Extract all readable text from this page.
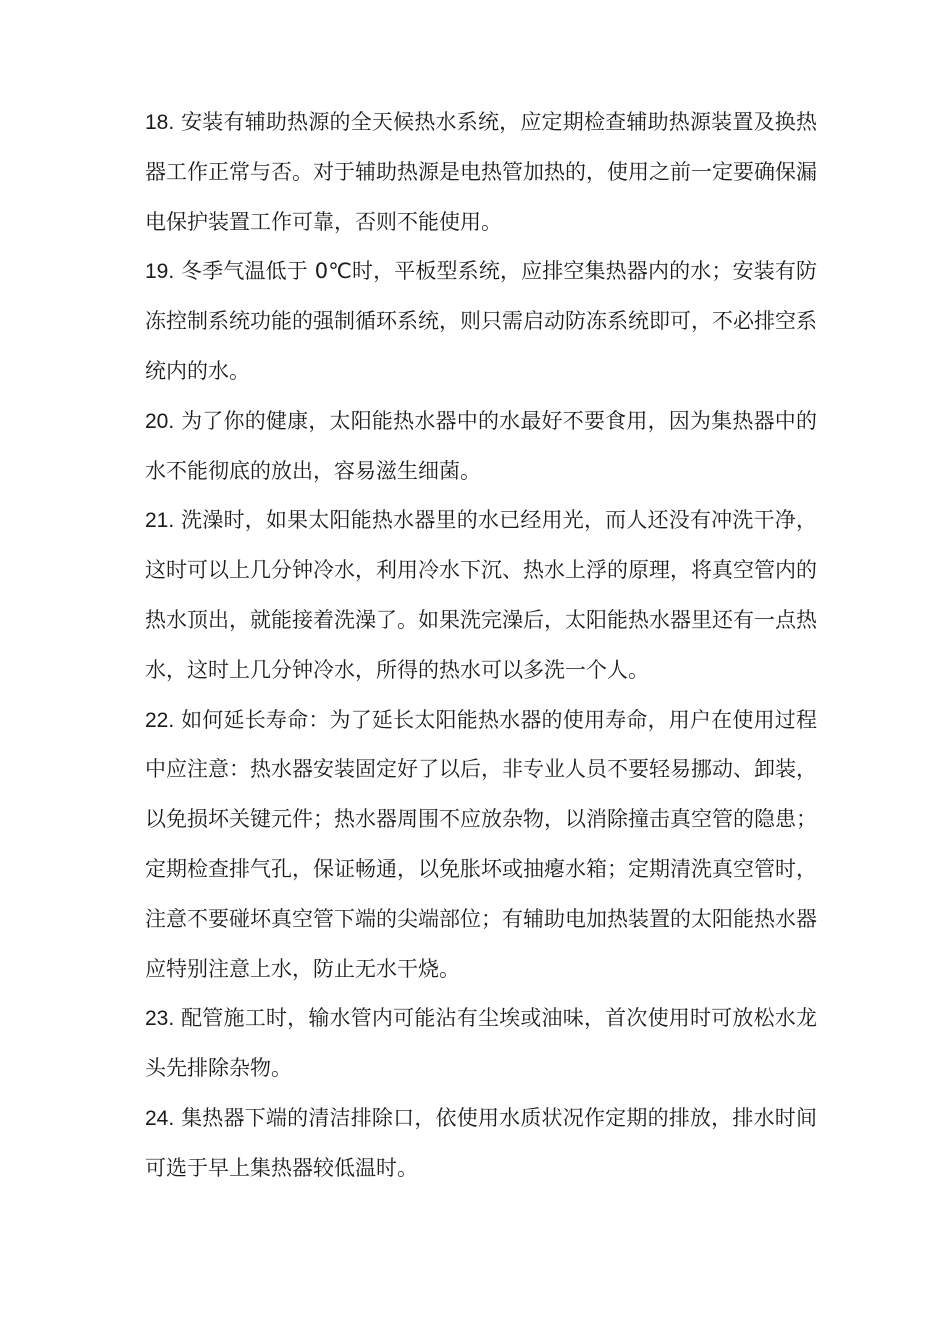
18. 安装有辅助热源的全天候热水系统，应定期检查辅助热源装置及换热器工作正常与否。对于辅助热源是电热管加热的，使用之前一定要确保漏电保护装置工作可靠，否则不能使用。

19. 冬季气温低于 0℃时，平板型系统，应排空集热器内的水；安装有防冻控制系统功能的强制循环系统，则只需启动防冻系统即可，不必排空系统内的水。

20. 为了你的健康，太阳能热水器中的水最好不要食用，因为集热器中的水不能彻底的放出，容易滋生细菌。

21. 洗澡时，如果太阳能热水器里的水已经用光，而人还没有冲洗干净，这时可以上几分钟冷水，利用冷水下沉、热水上浮的原理，将真空管内的热水顶出，就能接着洗澡了。如果洗完澡后，太阳能热水器里还有一点热水，这时上几分钟冷水，所得的热水可以多洗一个人。

22. 如何延长寿命：为了延长太阳能热水器的使用寿命，用户在使用过程中应注意：热水器安装固定好了以后，非专业人员不要轻易挪动、卸装，以免损坏关键元件；热水器周围不应放杂物，以消除撞击真空管的隐患；定期检查排气孔，保证畅通，以免胀坏或抽瘪水箱；定期清洗真空管时，注意不要碰坏真空管下端的尖端部位；有辅助电加热装置的太阳能热水器应特别注意上水，防止无水干烧。

23. 配管施工时，输水管内可能沾有尘埃或油味，首次使用时可放松水龙头先排除杂物。

24. 集热器下端的清洁排除口，依使用水质状况作定期的排放，排水时间可选于早上集热器较低温时。
